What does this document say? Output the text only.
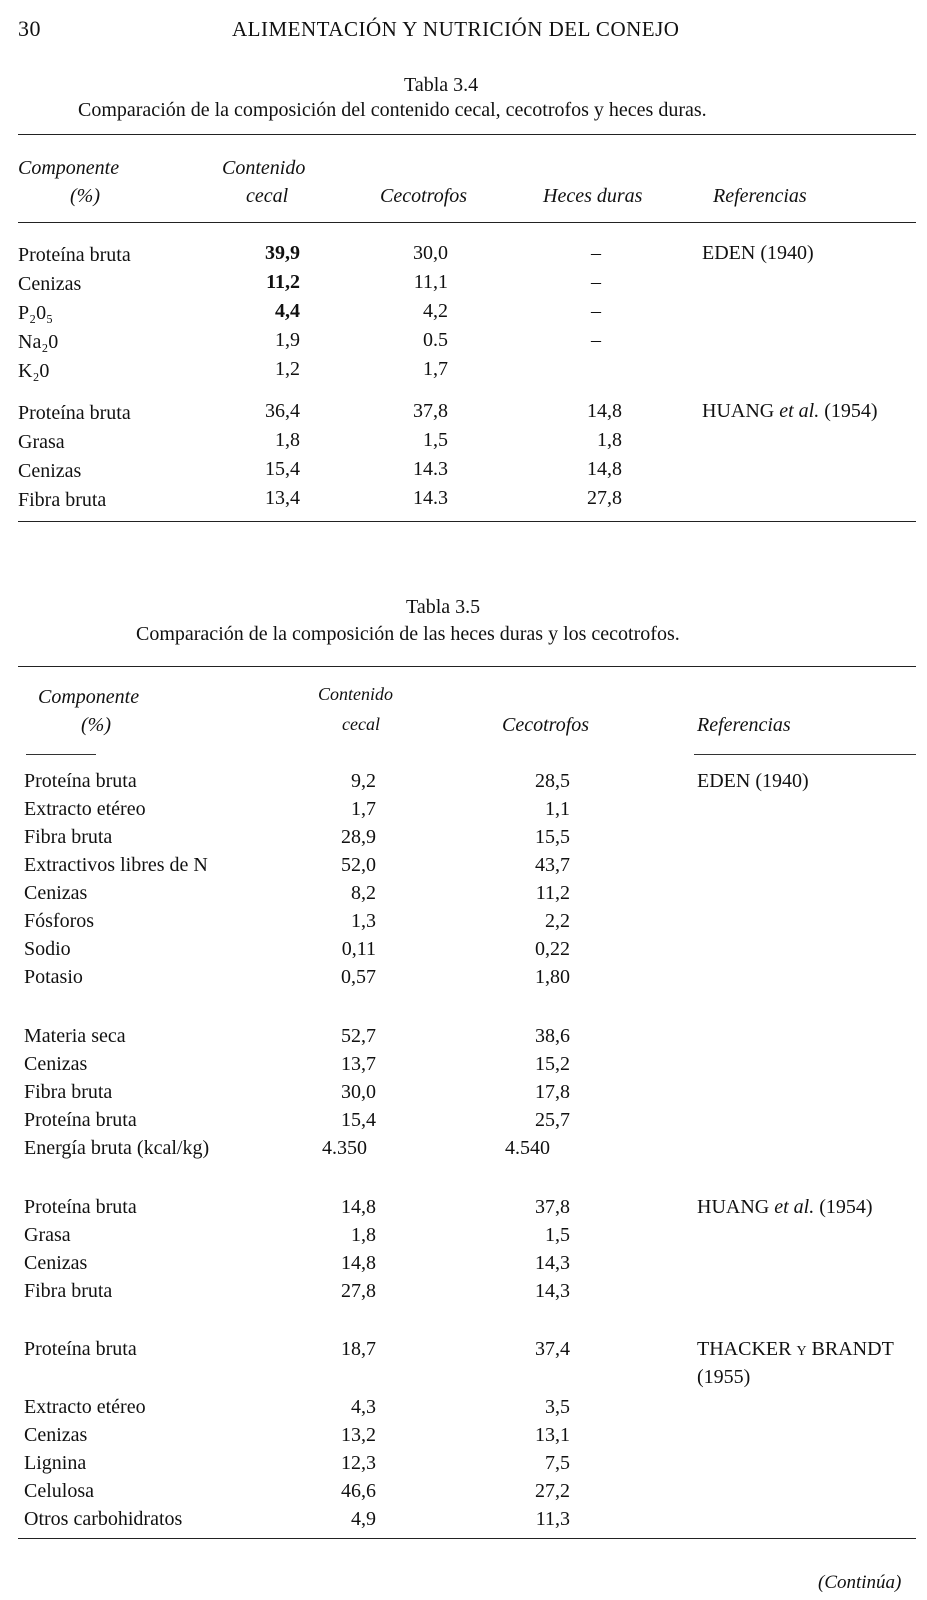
30	ALIMENTACIÓN Y NUTRICIÓN DEL CONEJO
Tabla 3.4
Comparación de la composición del contenido cecal, cecotrofos y heces duras.
Componente
(%)
Contenido
cecal	Cecotrofos	Heces duras	Referencias
Proteína bruta	39,9	30,0	–	EDEN (1940)
Cenizas	11,2	11,1	–
P₂0₅	4,4	4,2	–
Na₂0	1,9	0.5	–
K₂0	1,2	1,7
Proteína bruta	36,4	37,8	14,8	HUANG et al. (1954)
Grasa	1,8	1,5	1,8
Cenizas	15,4	14.3	14,8
Fibra bruta	13,4	14.3	27,8
Tabla 3.5
Comparación de la composición de las heces duras y los cecotrofos.
Componente
(%)
Contenido
cecal	Cecotrofos	Referencias
Proteína bruta	9,2	28,5	EDEN (1940)
Extracto etéreo	1,7	1,1
Fibra bruta	28,9	15,5
Extractivos libres de N	52,0	43,7
Cenizas	8,2	11,2
Fósforos	1,3	2,2
Sodio	0,11	0,22
Potasio	0,57	1,80
Materia seca	52,7	38,6
Cenizas	13,7	15,2
Fibra bruta	30,0	17,8
Proteína bruta	15,4	25,7
Energía bruta (kcal/kg)	4.350	4.540
Proteína bruta	14,8	37,8	HUANG et al. (1954)
Grasa	1,8	1,5
Cenizas	14,8	14,3
Fibra bruta	27,8	14,3
Proteína bruta	18,7	37,4	THACKER y BRANDT
(1955)
Extracto etéreo	4,3	3,5
Cenizas	13,2	13,1
Lignina	12,3	7,5
Celulosa	46,6	27,2
Otros carbohidratos	4,9	11,3
(Continúa)
